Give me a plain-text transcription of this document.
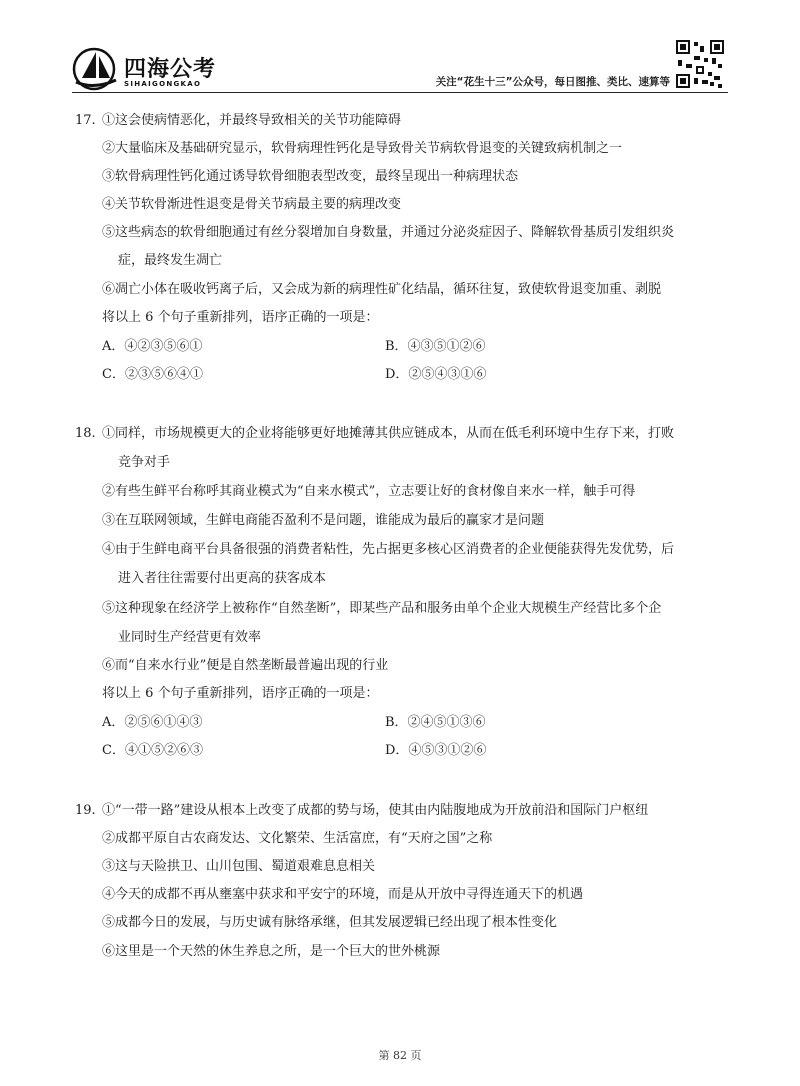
四海公考
SIHAIGONGKAO	关注“花生十三”公众号，每日图推、类比、速算等
17. ①这会使病情恶化，并最终导致相关的关节功能障碍
②大量临床及基础研究显示，软骨病理性钙化是导致骨关节病软骨退变的关键致病机制之一
③软骨病理性钙化通过诱导软骨细胞表型改变，最终呈现出一种病理状态
④关节软骨渐进性退变是骨关节病最主要的病理改变
⑤这些病态的软骨细胞通过有丝分裂增加自身数量，并通过分泌炎症因子、降解软骨基质引发组织炎
症，最终发生凋亡
⑥凋亡小体在吸收钙离子后，又会成为新的病理性矿化结晶，循环往复，致使软骨退变加重、剥脱
将以上 6 个句子重新排列，语序正确的一项是：
A．④②③⑤⑥①	B．④③⑤①②⑥
C．②③⑤⑥④①	D．②⑤④③①⑥
18. ①同样，市场规模更大的企业将能够更好地摊薄其供应链成本，从而在低毛利环境中生存下来，打败
竞争对手
②有些生鲜平台称呼其商业模式为“自来水模式”，立志要让好的食材像自来水一样，触手可得
③在互联网领域，生鲜电商能否盈利不是问题，谁能成为最后的赢家才是问题
④由于生鲜电商平台具备很强的消费者粘性，先占据更多核心区消费者的企业便能获得先发优势，后
进入者往往需要付出更高的获客成本
⑤这种现象在经济学上被称作“自然垄断”，即某些产品和服务由单个企业大规模生产经营比多个企
业同时生产经营更有效率
⑥而“自来水行业”便是自然垄断最普遍出现的行业
将以上 6 个句子重新排列，语序正确的一项是：
A．②⑤⑥①④③	B．②④⑤①③⑥
C．④①⑤②⑥③	D．④⑤③①②⑥
19. ①“一带一路”建设从根本上改变了成都的势与场，使其由内陆腹地成为开放前沿和国际门户枢纽
②成都平原自古农商发达、文化繁荣、生活富庶，有“天府之国”之称
③这与天险拱卫、山川包围、蜀道艰难息息相关
④今天的成都不再从壅塞中获求和平安宁的环境，而是从开放中寻得连通天下的机遇
⑤成都今日的发展，与历史诚有脉络承继，但其发展逻辑已经出现了根本性变化
⑥这里是一个天然的休生养息之所，是一个巨大的世外桃源
第 82 页
